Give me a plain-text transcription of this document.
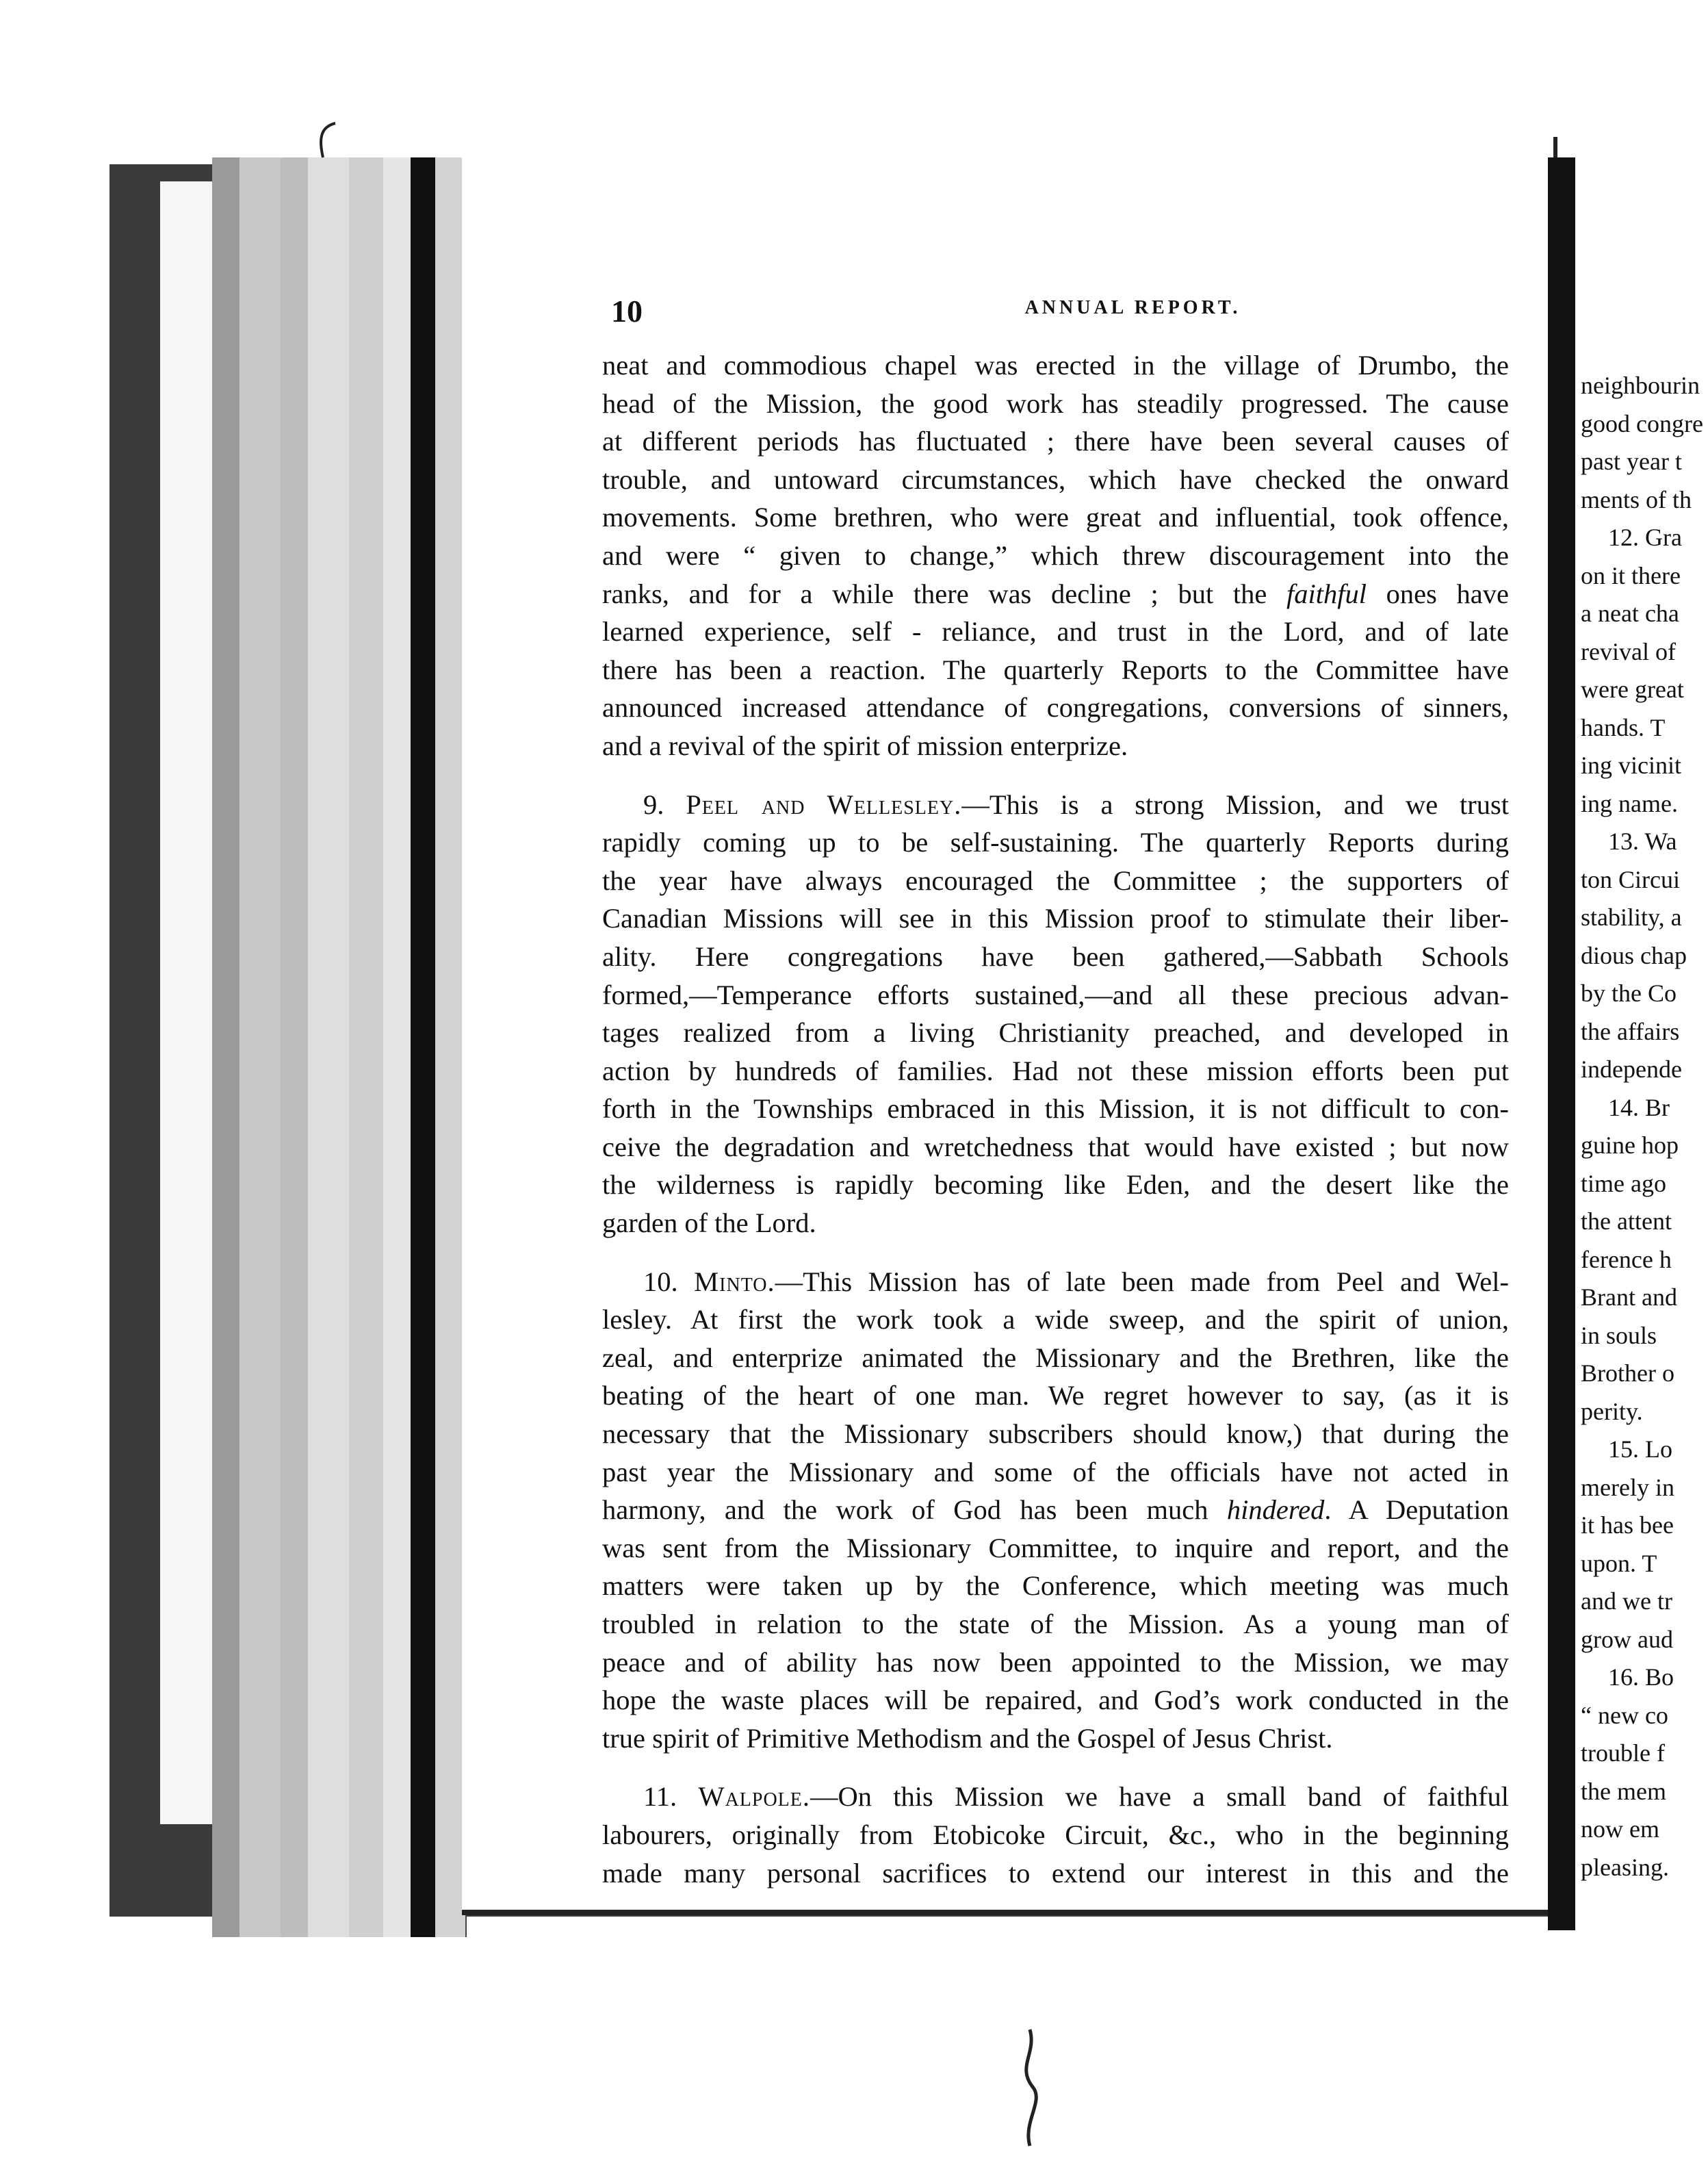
10	ANNUAL REPORT.
neat and commodious chapel was erected in the village of Drumbo, the
head of the Mission, the good work has steadily progressed. The cause
at different periods has fluctuated ; there have been several causes of
trouble, and untoward circumstances, which have checked the onward
movements. Some brethren, who were great and influential, took offence,
and were “ given to change,” which threw discouragement into the
ranks, and for a while there was decline ; but the faithful ones have
learned experience, self - reliance, and trust in the Lord, and of late
there has been a reaction. The quarterly Reports to the Committee have
announced increased attendance of congregations, conversions of sinners,
and a revival of the spirit of mission enterprize.
9. Peel and Wellesley.—This is a strong Mission, and we trust
rapidly coming up to be self-sustaining. The quarterly Reports during
the year have always encouraged the Committee ; the supporters of
Canadian Missions will see in this Mission proof to stimulate their liber-
ality. Here congregations have been gathered,—Sabbath Schools
formed,—Temperance efforts sustained,—and all these precious advan-
tages realized from a living Christianity preached, and developed in
action by hundreds of families. Had not these mission efforts been put
forth in the Townships embraced in this Mission, it is not difficult to con-
ceive the degradation and wretchedness that would have existed ; but now
the wilderness is rapidly becoming like Eden, and the desert like the
garden of the Lord.
10. Minto.—This Mission has of late been made from Peel and Wel-
lesley. At first the work took a wide sweep, and the spirit of union,
zeal, and enterprize animated the Missionary and the Brethren, like the
beating of the heart of one man. We regret however to say, (as it is
necessary that the Missionary subscribers should know,) that during the
past year the Missionary and some of the officials have not acted in
harmony, and the work of God has been much hindered. A Deputation
was sent from the Missionary Committee, to inquire and report, and the
matters were taken up by the Conference, which meeting was much
troubled in relation to the state of the Mission. As a young man of
peace and of ability has now been appointed to the Mission, we may
hope the waste places will be repaired, and God’s work conducted in the
true spirit of Primitive Methodism and the Gospel of Jesus Christ.
11. Walpole.—On this Mission we have a small band of faithful
labourers, originally from Etobicoke Circuit, &c., who in the beginning
made many personal sacrifices to extend our interest in this and the
neighbourin
good congre
past year t
ments of th
12. Gra
on it there
a neat cha
revival of
were great
hands. T
ing vicinit
ing name.
13. Wa
ton Circui
stability, a
dious chap
by the Co
the affairs
independe
14. Br
guine hop
time ago
the attent
ference h
Brant and
in souls
Brother o
perity.
15. Lo
merely in
it has bee
upon. T
and we tr
grow aud
16. Bo
“ new co
trouble f
the mem
now em
pleasing.
